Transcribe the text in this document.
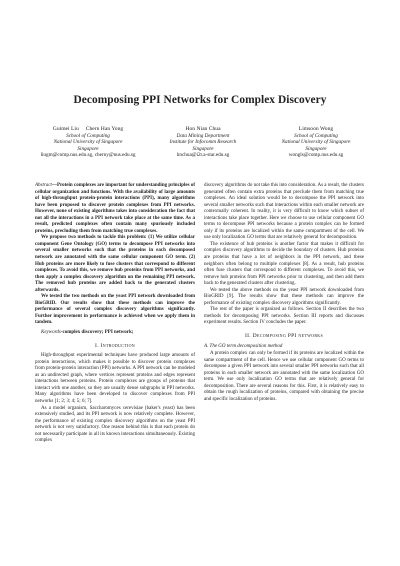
Decomposing PPI Networks for Complex Discovery
Guimei Liu     Chern Han Yong
School of Computing
National University of Singapore
Singapore
liugm@comp.nus.edu.sg, cherny@nus.edu.sg
Hon Nian Chua
Data Mining Department
Institute for Infocomm Research
Singapore
hnchua@i2r.a-star.edu.sg
Limsoon Wong
School of Computing
National University of Singapore
Singapore
wongls@comp.nus.edu.sg

Abstract—Protein complexes are important for understanding principles of cellular organization and functions. With the availability of large amounts of high-throughput protein-protein interactions (PPI), many algorithms have been proposed to discover protein complexes from PPI networks. However, none of existing algorithms takes into consideration the fact that not all the interactions in a PPI network take place at the same time. As a result, predicted complexes often contain many spuriously included proteins, precluding them from matching true complexes.

We propose two methods to tackle this problem: (1) We utilize cellular component Gene Ontology (GO) terms to decompose PPI networks into several smaller networks such that the proteins in each decomposed network are annotated with the same cellular component GO term. (2) Hub proteins are more likely to fuse clusters that correspond to different complexes. To avoid this, we remove hub proteins from PPI networks, and then apply a complex discovery algorithm on the remaining PPI network. The removed hub proteins are added back to the generated clusters afterwards.

We tested the two methods on the yeast PPI network downloaded from BioGRID. Our results show that these methods can improve the performance of several complex discovery algorithms significantly. Further improvement in performance is achieved when we apply them in tandem.

Keywords-complex discovery; PPI network;

I. Introduction

High-throughput experimental techniques have produced large amounts of protein interactions, which makes it possible to discover protein complexes from protein-protein interaction (PPI) networks. A PPI network can be modeled as an undirected graph, where vertices represent proteins and edges represent interactions between proteins. Protein complexes are groups of proteins that interact with one another, so they are usually dense subgraphs in PPI networks. Many algorithms have been developed to discover complexes from PPI networks [1; 2; 3; 4; 5; 6; 7].

As a model organism, Saccharomyces cerevisiae (baker's yeast) has been extensively studied, and its PPI network is now relatively complete. However, the performance of existing complex discovery algorithms on the yeast PPI network is not very satisfactory. One reason behind this is that each protein do not necessarily participate in all its known interactions simultaneously. Existing complex

discovery algorithms do not take this into consideration. As a result, the clusters generated often contain extra proteins that preclude them from matching true complexes. An ideal solution would be to decompose the PPI network into several smaller networks such that interactions within each smaller network are contextually coherent. In reality, it is very difficult to know which subset of interactions take place together. Here we choose to use cellular component GO terms to decompose PPI networks because a protein complex can be formed only if its proteins are localized within the same compartment of the cell. We use only localization GO terms that are relatively general for decomposition.

The existence of hub proteins is another factor that makes it difficult for complex discovery algorithms to decide the boundary of clusters. Hub proteins are proteins that have a lot of neighbors in the PPI network, and these neighbors often belong to multiple complexes [8]. As a result, hub proteins often fuse clusters that correspond to different complexes. To avoid this, we remove hub proteins from PPI networks prior to clustering, and then add them back to the generated clusters after clustering.

We tested the above methods on the yeast PPI network downloaded from BioGRID [9]. The results show that these methods can improve the performance of existing complex discovery algorithms significantly.

The rest of the paper is organized as follows. Section II describes the two methods for decomposing PPI networks. Section III reports and discusses experiment results. Section IV concludes the paper.

II. Decomposing PPI networks
A. The GO term decomposition method

A protein complex can only be formed if its proteins are localized within the same compartment of the cell. Hence we use cellular component GO terms to decompose a given PPI network into several smaller PPI networks such that all proteins in each smaller network are annotated with the same localization GO term. We use only localization GO terms that are relatively general for decomposition. There are several reasons for this. First, it is relatively easy to obtain the rough localization of proteins, compared with obtaining the precise and specific localization of proteins.
